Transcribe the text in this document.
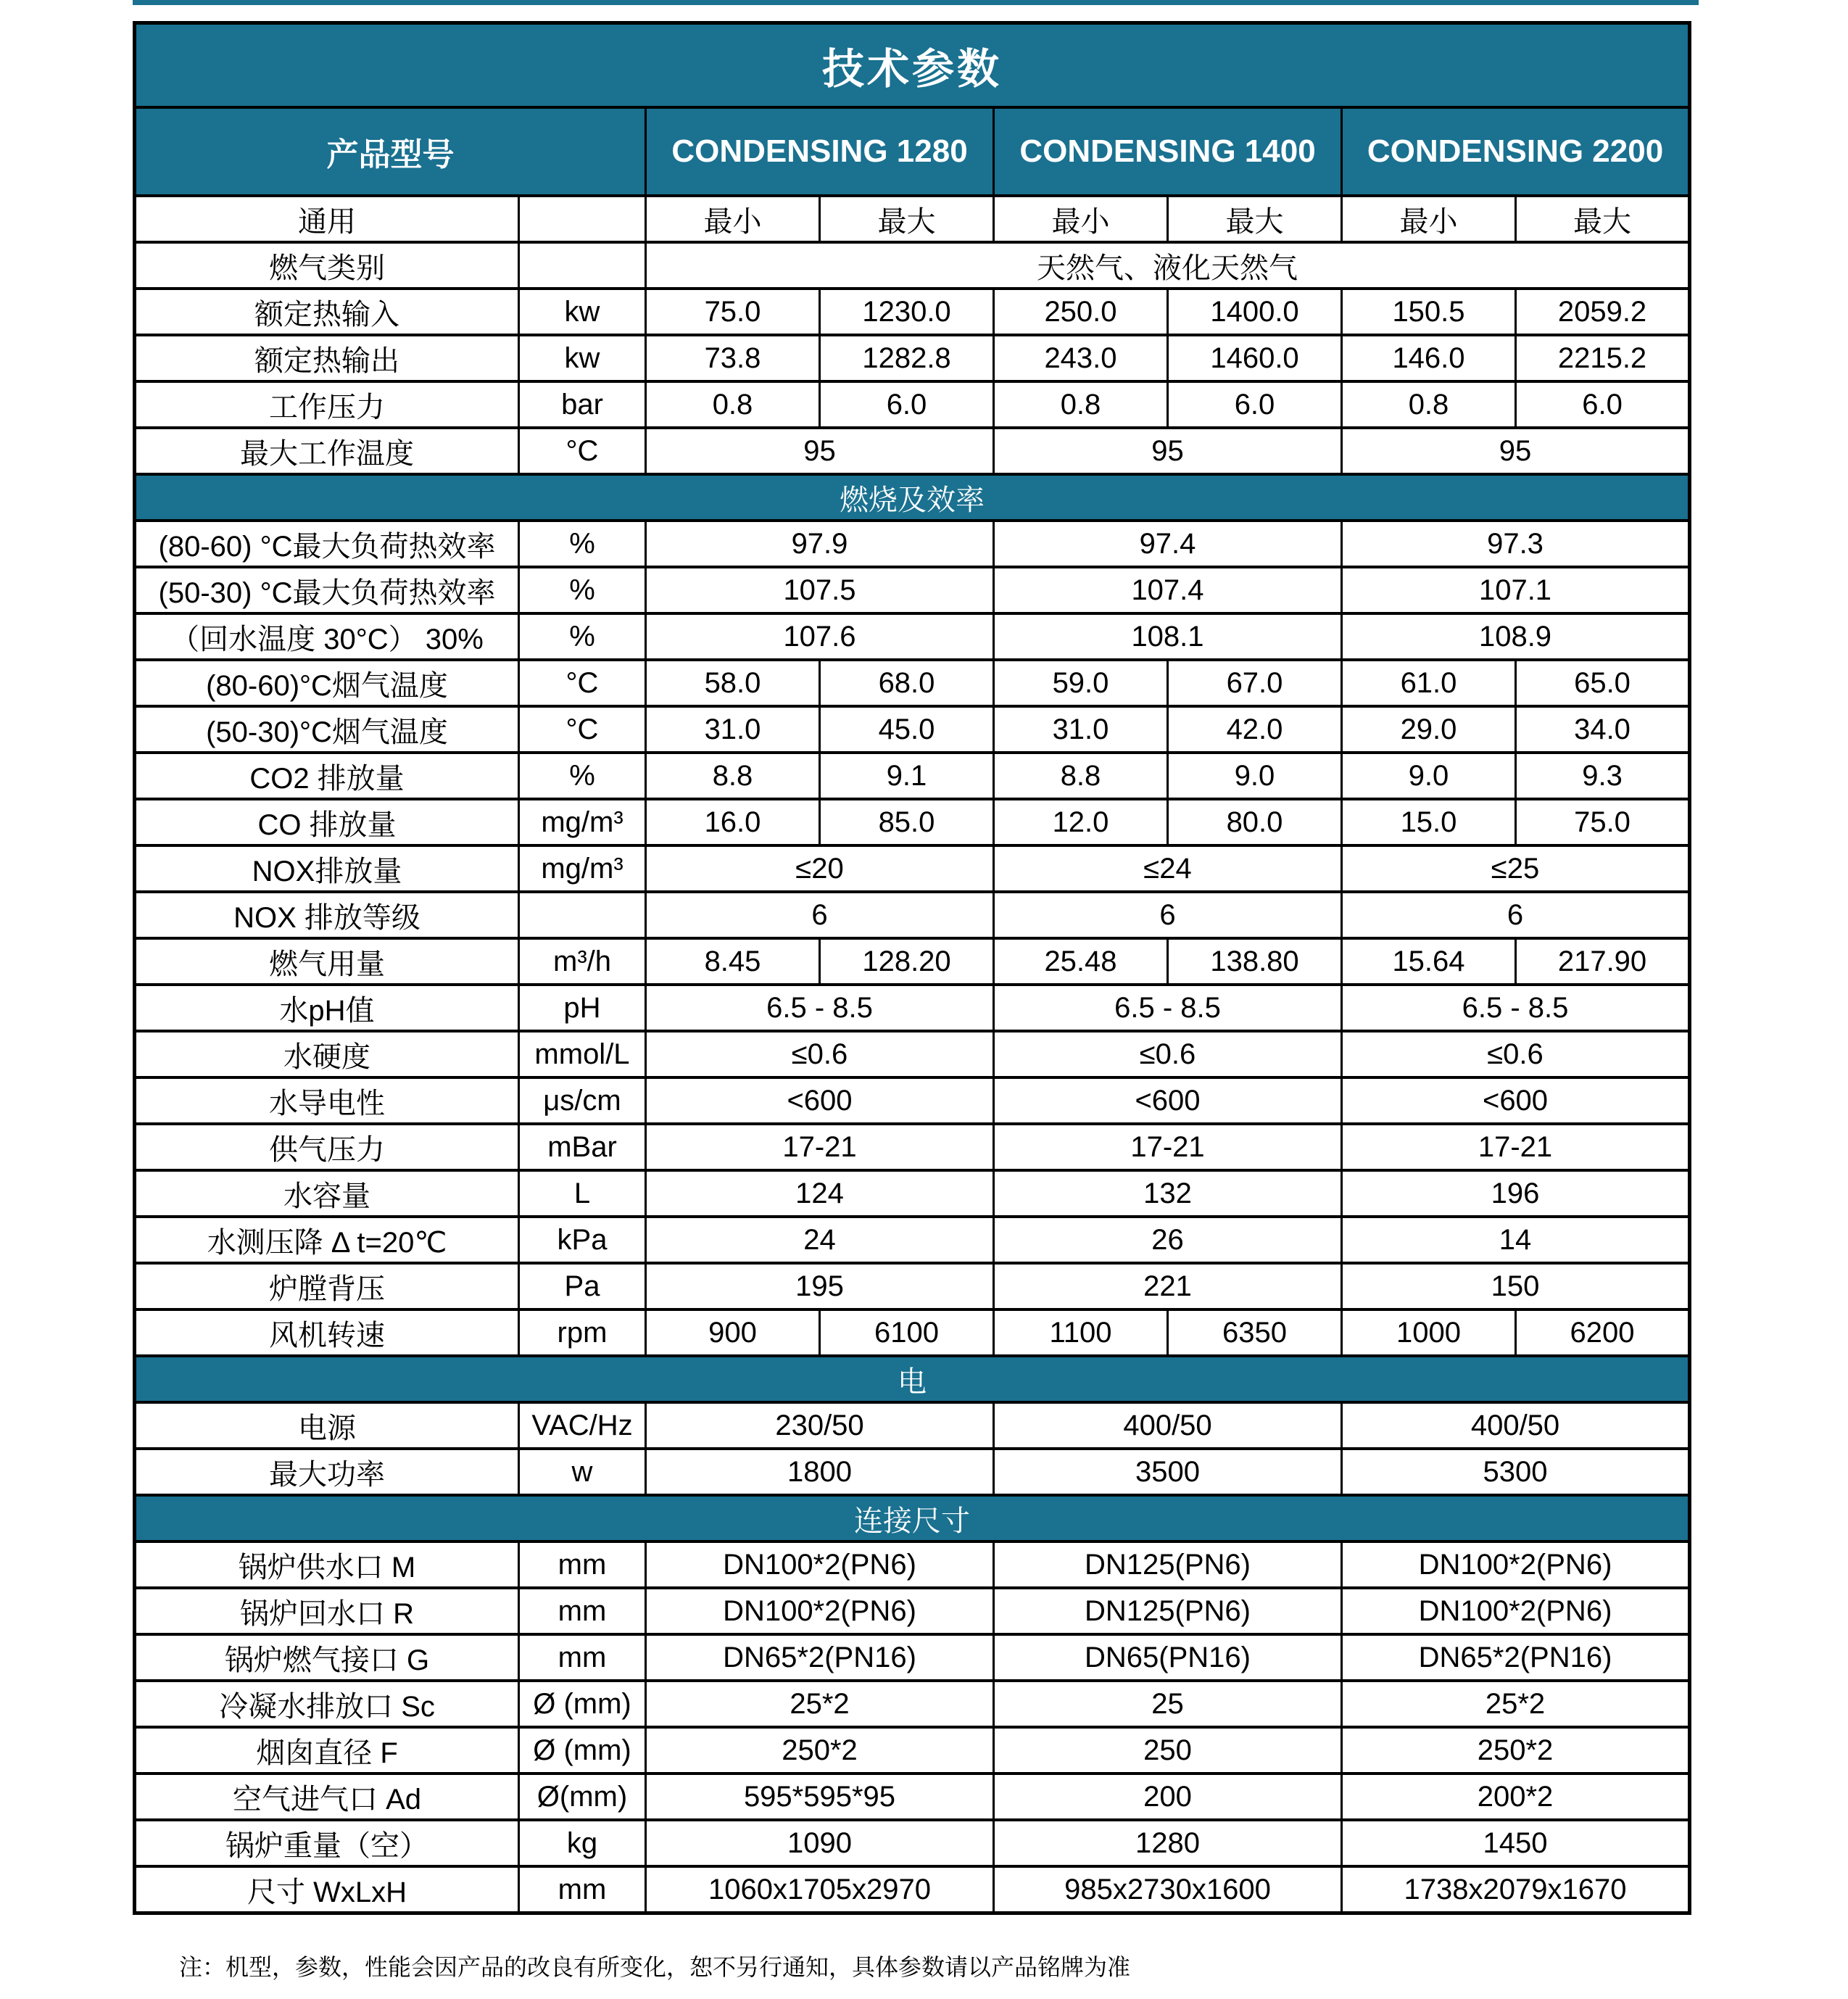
技术参数							
产品型号		CONDENSING 1280		CONDENSING 1400		CONDENSING 2200	
通用		最小	最大	最小	最大	最小	最大
燃气类别		天然气、液化天然气					
额定热输入	kw	75.0	1230.0	250.0	1400.0	150.5	2059.2
额定热输出	kw	73.8	1282.8	243.0	1460.0	146.0	2215.2
工作压力	bar	0.8	6.0	0.8	6.0	0.8	6.0
最大工作温度	°C	95		95		95	
燃烧及效率							
(80-60) °C最大负荷热效率	%	97.9		97.4		97.3	
(50-30) °C最大负荷热效率	%	107.5		107.4		107.1	
（回水温度 30°C） 30%	%	107.6		108.1		108.9	
(80-60)°C烟气温度	°C	58.0	68.0	59.0	67.0	61.0	65.0
(50-30)°C烟气温度	°C	31.0	45.0	31.0	42.0	29.0	34.0
CO2 排放量	%	8.8	9.1	8.8	9.0	9.0	9.3
CO 排放量	mg/m³	16.0	85.0	12.0	80.0	15.0	75.0
NOX排放量	mg/m³	≤20		≤24		≤25	
NOX 排放等级		6		6		6	
燃气用量	m³/h	8.45	128.20	25.48	138.80	15.64	217.90
水pH值	pH	6.5 - 8.5		6.5 - 8.5		6.5 - 8.5	
水硬度	mmol/L	≤0.6		≤0.6		≤0.6	
水导电性	μs/cm	<600		<600		<600	
供气压力	mBar	17-21		17-21		17-21	
水容量	L	124		132		196	
水测压降 Δ t=20℃	kPa	24		26		14	
炉膛背压	Pa	195		221		150	
风机转速	rpm	900	6100	1100	6350	1000	6200
电							
电源	VAC/Hz	230/50		400/50		400/50	
最大功率	w	1800		3500		5300	
连接尺寸							
锅炉供水口 M	mm	DN100*2(PN6)		DN125(PN6)		DN100*2(PN6)	
锅炉回水口 R	mm	DN100*2(PN6)		DN125(PN6)		DN100*2(PN6)	
锅炉燃气接口 G	mm	DN65*2(PN16)		DN65(PN16)		DN65*2(PN16)	
冷凝水排放口 Sc	Ø (mm)	25*2		25		25*2	
烟囱直径 F	Ø (mm)	250*2		250		250*2	
空气进气口 Ad	Ø(mm)	595*595*95		200		200*2	
锅炉重量（空）	kg	1090		1280		1450	
尺寸 WxLxH	mm	1060x1705x2970		985x2730x1600		1738x2079x1670	
注：机型，参数，性能会因产品的改良有所变化，恕不另行通知，具体参数请以产品铭牌为准
